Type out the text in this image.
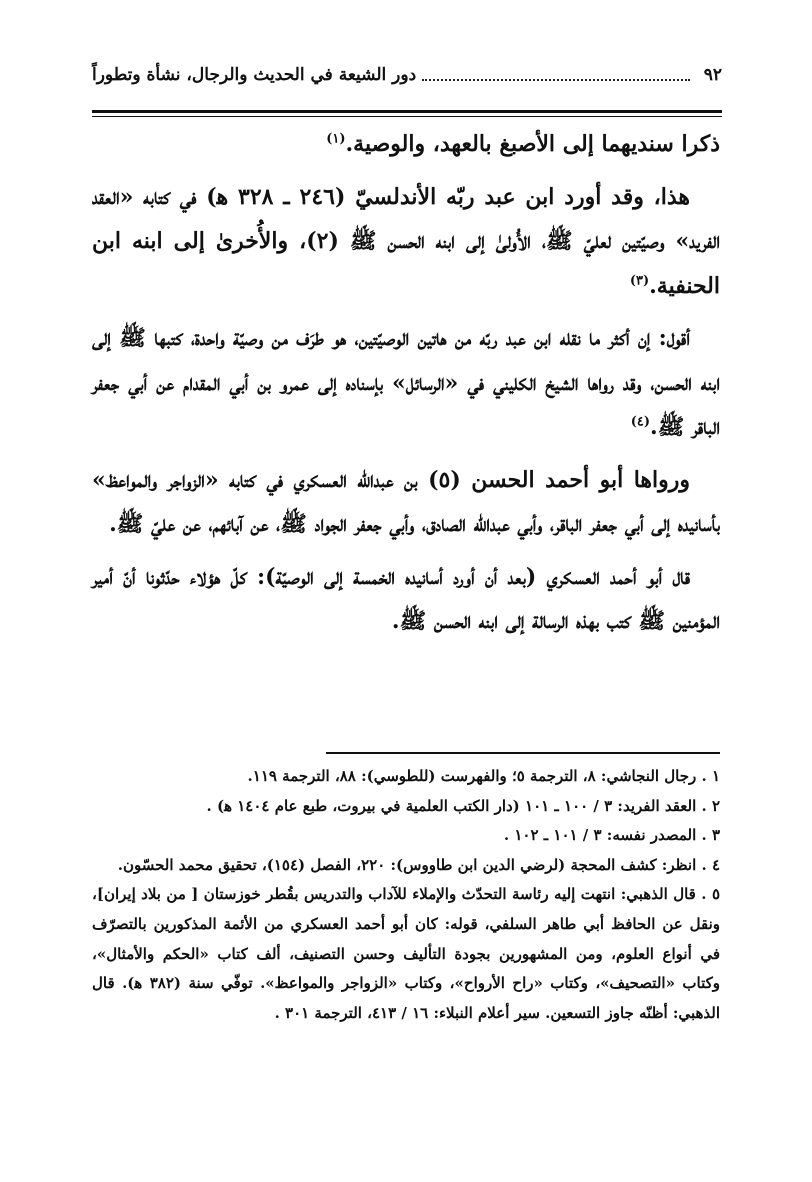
٩٢
دور الشيعة في الحديث والرجال، نشأة وتطوراً

ذكرا سنديهما إلى الأصبغ بالعهد، والوصية.$^{(١)}$

هذا، وقد أورد ابن عبد ربّه الأندلسيّ (٢٤٦ ـ ٣٢٨ ﻫ) في كتابه «العقد الفريد» وصيّتين لعليّ ﷺ، الأُولىٰ إلى ابنه الحسن ﷺ (٢)، والأُخرىٰ إلى ابنه ابن الحنفية.$^{(٣)}$

أقول: إن أكثر ما نقله ابن عبد ربّه من هاتين الوصيّتين، هو طرَف من وصيّة واحدة، كتبها ﷺ إلى ابنه الحسن، وقد رواها الشيخ الكليني في «الرسائل» بإسناده إلى عمرو بن أبي المقدام عن أبي جعفر الباقر ﷺ.$^{(٤)}$

ورواها أبو أحمد الحسن (٥) بن عبدالله العسكري في كتابه «الزواجر والمواعظ» بأسانيده إلى أبي جعفر الباقر، وأبي عبدالله الصادق، وأبي جعفر الجواد ﷺ، عن آبائهم، عن عليّ ﷺ.

قال أبو أحمد العسكري (بعد أن أورد أسانيده الخمسة إلى الوصيّة): كلّ هؤلاء حدّثونا أنّ أمير المؤمنين ﷺ كتب بهذه الرسالة إلى ابنه الحسن ﷺ.

١ . رجال النجاشي: ٨، الترجمة ٥؛ والفهرست (للطوسي): ٨٨، الترجمة ١١٩.

٢ . العقد الفريد: ٣ / ١٠٠ ـ ١٠١ (دار الكتب العلمية في بيروت، طبع عام ١٤٠٤ ﻫ) .

٣ . المصدر نفسه: ٣ / ١٠١ ـ ١٠٢ .

٤ . انظر: كشف المحجة (لرضي الدين ابن طاووس): ٢٢٠، الفصل (١٥٤)، تحقيق محمد الحسّون.

٥ . قال الذهبي: انتهت إليه رئاسة التحدّث والإملاء للآداب والتدريس بقُطر خوزستان [ من بلاد إيران]، ونقل عن الحافظ أبي طاهر السلفي، قوله: كان أبو أحمد العسكري من الأئمة المذكورين بالتصرّف في أنواع العلوم، ومن المشهورين بجودة التأليف وحسن التصنيف، ألف كتاب «الحكم والأمثال»، وكتاب «التصحيف»، وكتاب «راح الأرواح»، وكتاب «الزواجر والمواعظ». توفّي سنة (٣٨٢ ﻫ). قال الذهبي: أظنّه جاوز التسعين. سير أعلام النبلاء: ١٦ / ٤١٣، الترجمة ٣٠١ .
